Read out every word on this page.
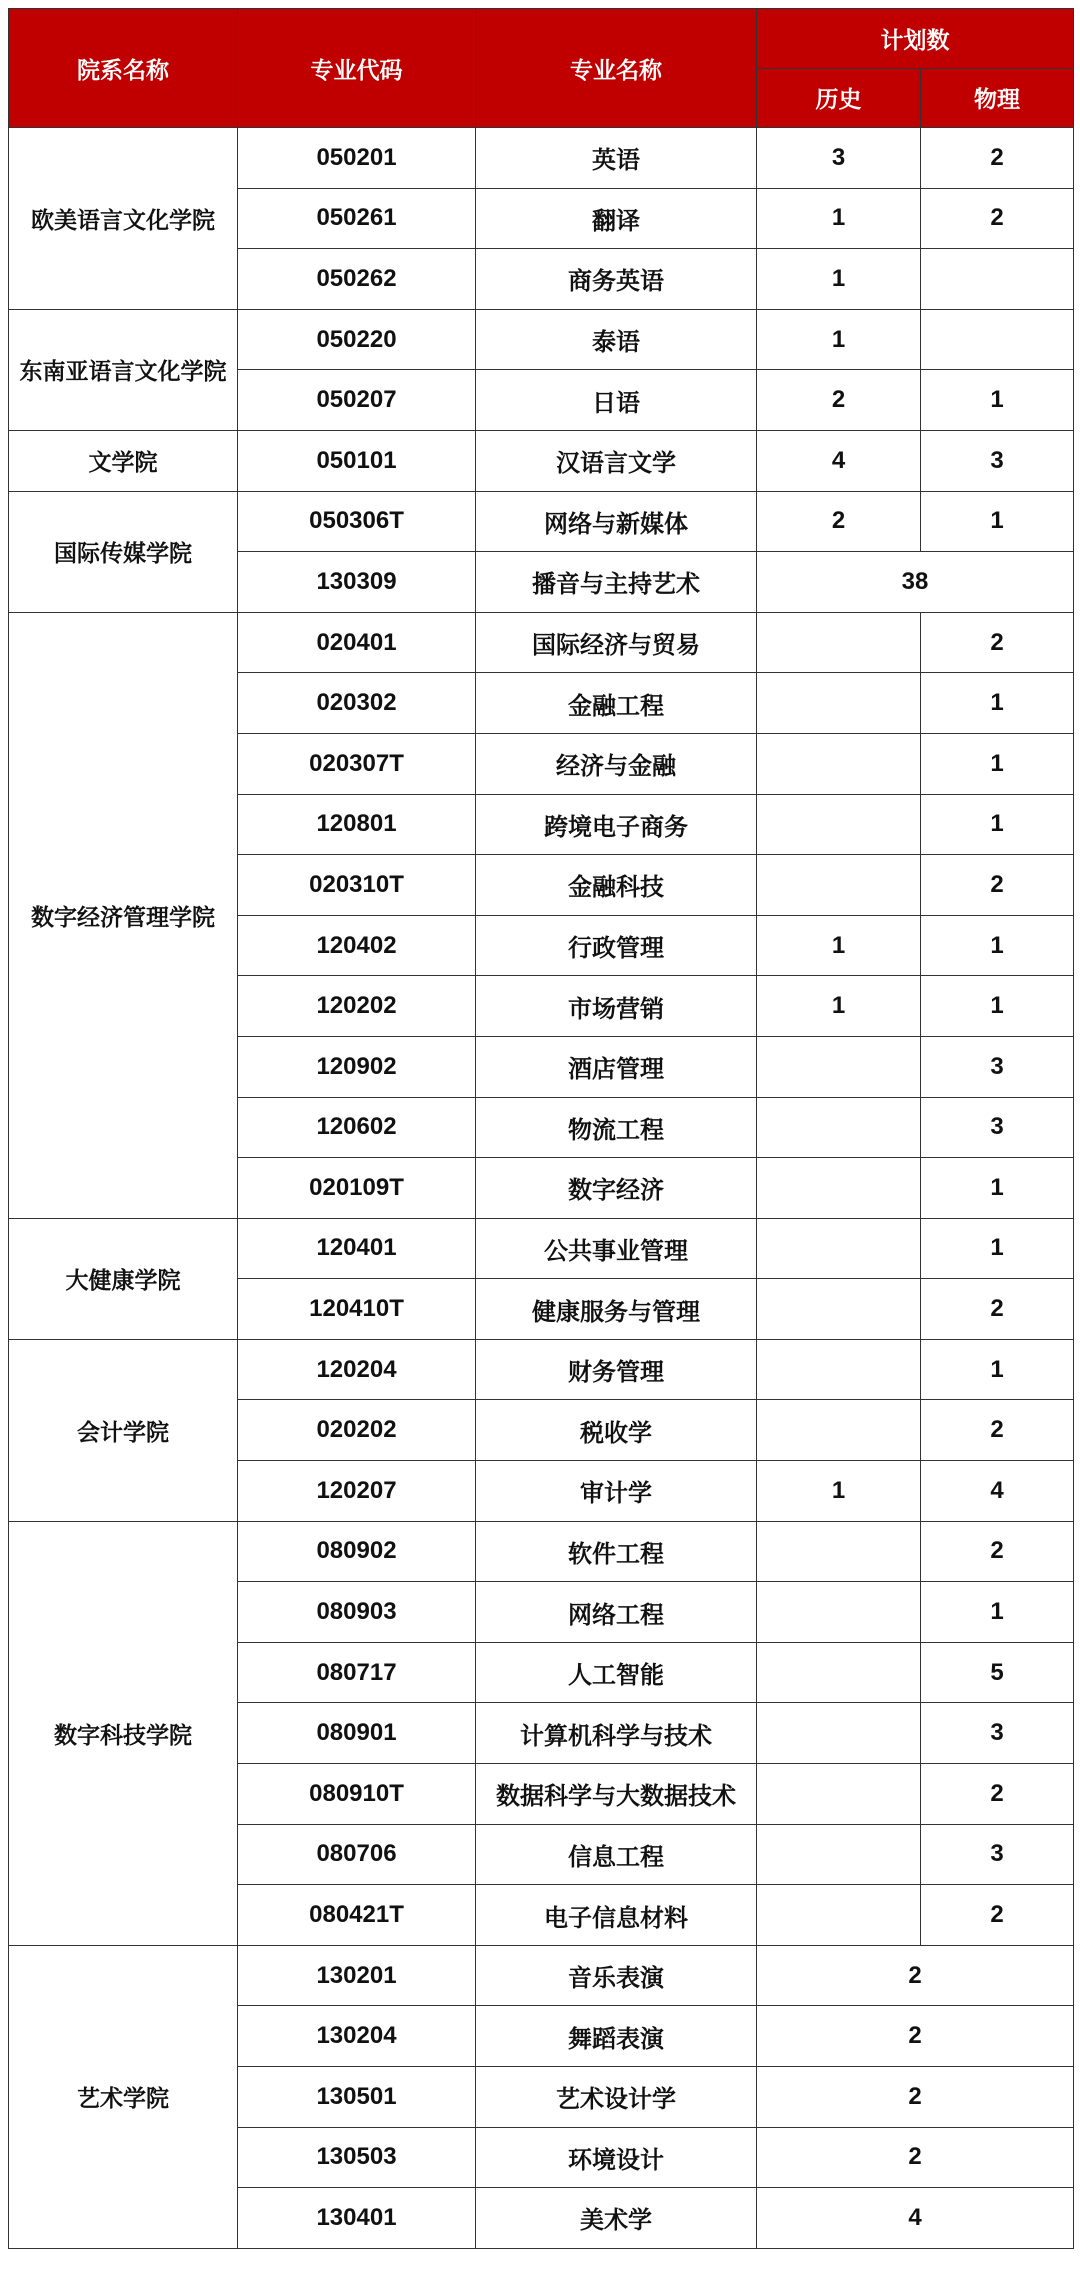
院系名称	专业代码	专业名称	计划数	
			历史	物理
欧美语言文化学院	050201	英语	3	2
	050261	翻译	1	2
	050262	商务英语	1	
东南亚语言文化学院	050220	泰语	1	
	050207	日语	2	1
文学院	050101	汉语言文学	4	3
国际传媒学院	050306T	网络与新媒体	2	1
	130309	播音与主持艺术	38	
数字经济管理学院	020401	国际经济与贸易		2
	020302	金融工程		1
	020307T	经济与金融		1
	120801	跨境电子商务		1
	020310T	金融科技		2
	120402	行政管理	1	1
	120202	市场营销	1	1
	120902	酒店管理		3
	120602	物流工程		3
	020109T	数字经济		1
大健康学院	120401	公共事业管理		1
	120410T	健康服务与管理		2
会计学院	120204	财务管理		1
	020202	税收学		2
	120207	审计学	1	4
数字科技学院	080902	软件工程		2
	080903	网络工程		1
	080717	人工智能		5
	080901	计算机科学与技术		3
	080910T	数据科学与大数据技术		2
	080706	信息工程		3
	080421T	电子信息材料		2
艺术学院	130201	音乐表演	2	
	130204	舞蹈表演	2	
	130501	艺术设计学	2	
	130503	环境设计	2	
	130401	美术学	4	
